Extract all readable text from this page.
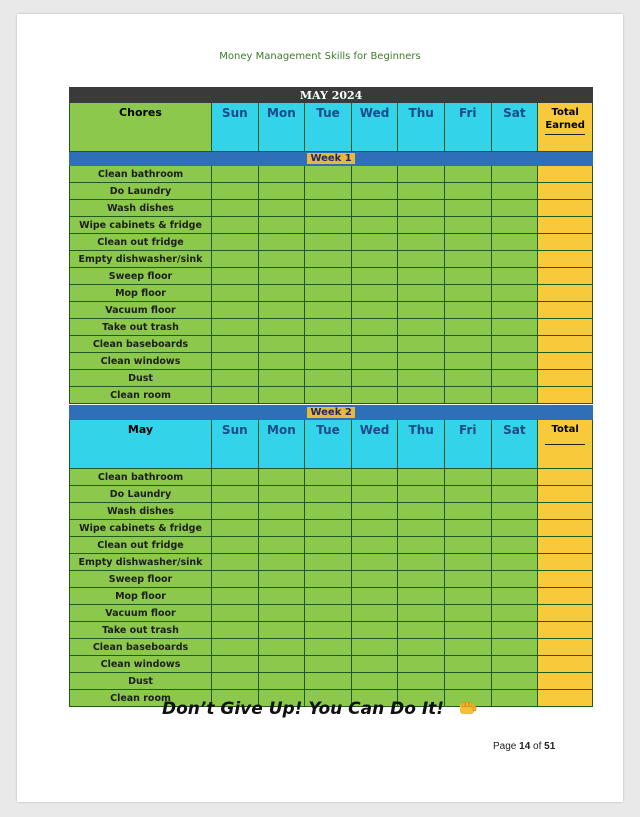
Money Management Skills for Beginners
MAY 2024								
Chores	Sun	Mon	Tue	Wed	Thu	Fri	Sat	Total
Earned

Week 1								
Clean bathroom								
Do Laundry								
Wash dishes								
Wipe cabinets & fridge								
Clean out fridge								
Empty dishwasher/sink								
Sweep floor								
Mop floor								
Vacuum floor								
Take out trash								
Clean baseboards								
Clean windows								
Dust								
Clean room								
Week 2								
May	Sun	Mon	Tue	Wed	Thu	Fri	Sat	Total

Clean bathroom								
Do Laundry								
Wash dishes								
Wipe cabinets & fridge								
Clean out fridge								
Empty dishwasher/sink								
Sweep floor								
Mop floor								
Vacuum floor								
Take out trash								
Clean baseboards								
Clean windows								
Dust								
Clean room								
Don’t Give Up! You Can Do It!
Page 14 of 51
